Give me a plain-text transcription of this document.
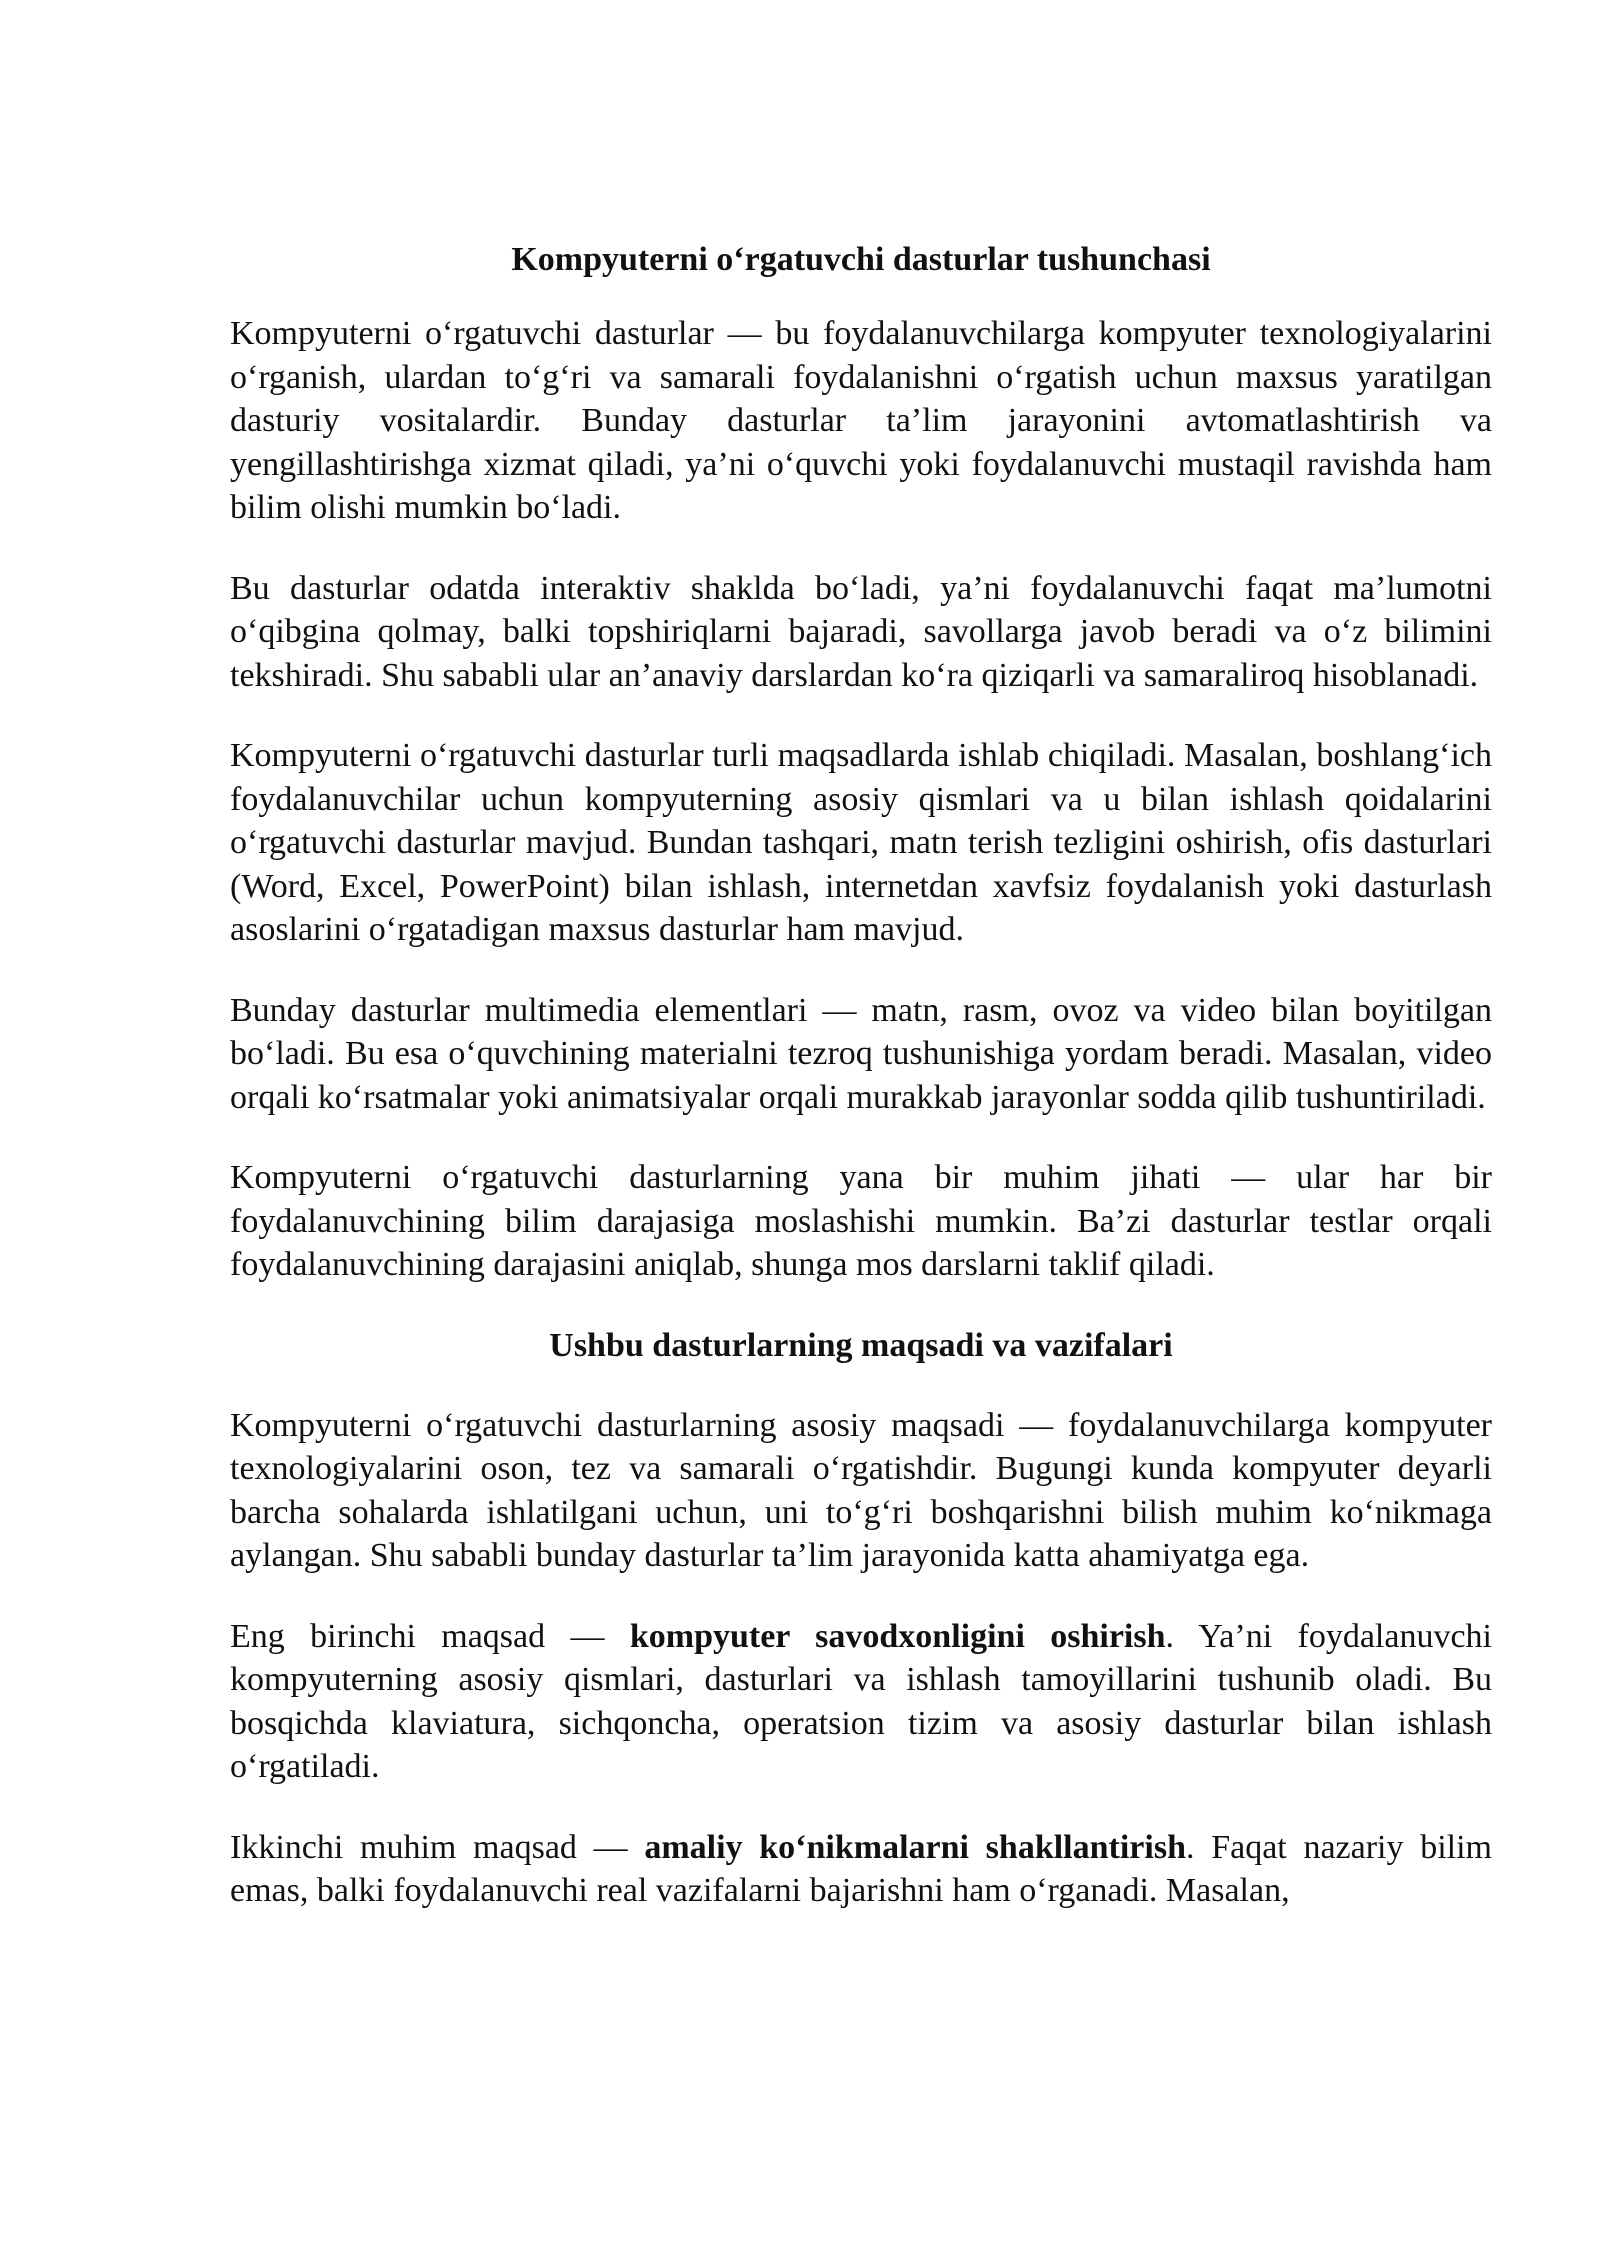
Kompyuterni o‘rgatuvchi dasturlar tushunchasi

Kompyuterni o‘rgatuvchi dasturlar — bu foydalanuvchilarga kompyuter texnologiyalarini o‘rganish, ulardan to‘g‘ri va samarali foydalanishni o‘rgatish uchun maxsus yaratilgan dasturiy vositalardir. Bunday dasturlar ta’lim jarayonini avtomatlashtirish va yengillashtirishga xizmat qiladi, ya’ni o‘quvchi yoki foydalanuvchi mustaqil ravishda ham bilim olishi mumkin bo‘ladi.

Bu dasturlar odatda interaktiv shaklda bo‘ladi, ya’ni foydalanuvchi faqat ma’lumotni o‘qibgina qolmay, balki topshiriqlarni bajaradi, savollarga javob beradi va o‘z bilimini tekshiradi. Shu sababli ular an’anaviy darslardan ko‘ra qiziqarli va samaraliroq hisoblanadi.

Kompyuterni o‘rgatuvchi dasturlar turli maqsadlarda ishlab chiqiladi. Masalan, boshlang‘ich foydalanuvchilar uchun kompyuterning asosiy qismlari va u bilan ishlash qoidalarini o‘rgatuvchi dasturlar mavjud. Bundan tashqari, matn terish tezligini oshirish, ofis dasturlari (Word, Excel, PowerPoint) bilan ishlash, internetdan xavfsiz foydalanish yoki dasturlash asoslarini o‘rgatadigan maxsus dasturlar ham mavjud.

Bunday dasturlar multimedia elementlari — matn, rasm, ovoz va video bilan boyitilgan bo‘ladi. Bu esa o‘quvchining materialni tezroq tushunishiga yordam beradi. Masalan, video orqali ko‘rsatmalar yoki animatsiyalar orqali murakkab jarayonlar sodda qilib tushuntiriladi.

Kompyuterni o‘rgatuvchi dasturlarning yana bir muhim jihati — ular har bir foydalanuvchining bilim darajasiga moslashishi mumkin. Ba’zi dasturlar testlar orqali foydalanuvchining darajasini aniqlab, shunga mos darslarni taklif qiladi.

Ushbu dasturlarning maqsadi va vazifalari

Kompyuterni o‘rgatuvchi dasturlarning asosiy maqsadi — foydalanuvchilarga kompyuter texnologiyalarini oson, tez va samarali o‘rgatishdir. Bugungi kunda kompyuter deyarli barcha sohalarda ishlatilgani uchun, uni to‘g‘ri boshqarishni bilish muhim ko‘nikmaga aylangan. Shu sababli bunday dasturlar ta’lim jarayonida katta ahamiyatga ega.

Eng birinchi maqsad — kompyuter savodxonligini oshirish. Ya’ni foydalanuvchi kompyuterning asosiy qismlari, dasturlari va ishlash tamoyillarini tushunib oladi. Bu bosqichda klaviatura, sichqoncha, operatsion tizim va asosiy dasturlar bilan ishlash o‘rgatiladi.

Ikkinchi muhim maqsad — amaliy ko‘nikmalarni shakllantirish. Faqat nazariy bilim emas, balki foydalanuvchi real vazifalarni bajarishni ham o‘rganadi. Masalan,
